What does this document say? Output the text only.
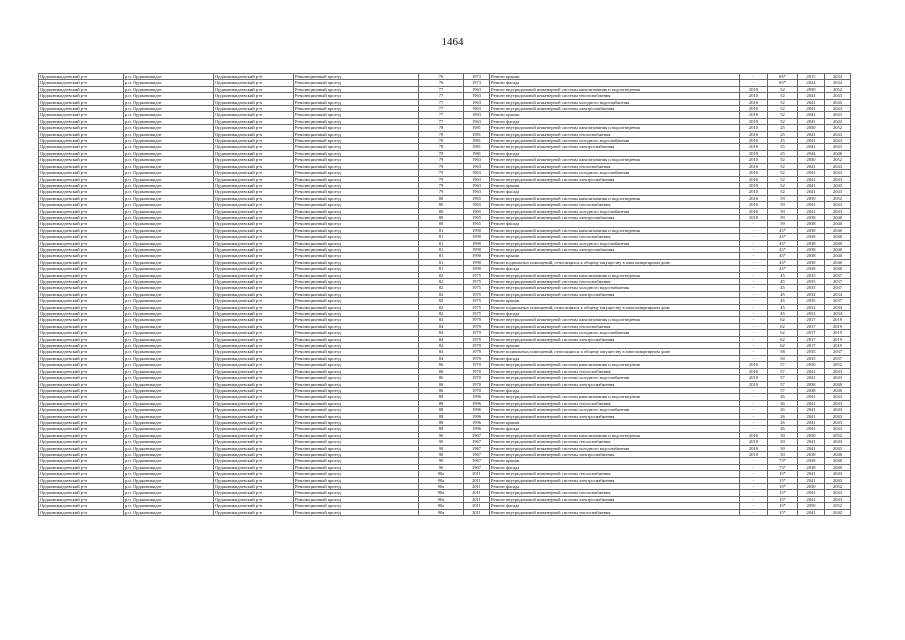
1464
Орджоникидзевский р-н	р.п. Орджоникидзе	Орджоникидзевский р-н	Революционный проезд	76	1973	Ремонт крыши	-	65*	2015	2034
Орджоникидзевский р-н	р.п. Орджоникидзе	Орджоникидзевский р-н	Революционный проезд	76	1973	Ремонт фасада	-	65*	2022	2034
Орджоникидзевский р-н	р.п. Орджоникидзе	Орджоникидзевский р-н	Революционный проезд	77	1963	Ремонт внутридомовой инженерной системы канализования и водоотведения	2010	52	2050	2052
Орджоникидзевский р-н	р.п. Орджоникидзе	Орджоникидзевский р-н	Революционный проезд	77	1963	Ремонт внутридомовой инженерной системы теплоснабжения	2010	52	2041	2043
Орджоникидзевский р-н	р.п. Орджоникидзе	Орджоникидзевский р-н	Революционный проезд	77	1963	Ремонт внутридомовой инженерной системы холодного водоснабжения	2010	52	2041	2043
Орджоникидзевский р-н	р.п. Орджоникидзе	Орджоникидзевский р-н	Революционный проезд	77	1963	Ремонт внутридомовой инженерной системы электроснабжения	2010	52	2041	2043
Орджоникидзевский р-н	р.п. Орджоникидзе	Орджоникидзевский р-н	Революционный проезд	77	1963	Ремонт крыши	2010	52	2041	2043
Орджоникидзевский р-н	р.п. Орджоникидзе	Орджоникидзевский р-н	Революционный проезд	77	1963	Ремонт фасада	2010	52	2041	2043
Орджоникидзевский р-н	р.п. Орджоникидзе	Орджоникидзевский р-н	Революционный проезд	78	1981	Ремонт внутридомовой инженерной системы канализования и водоотведения	2010	25	2050	2052
Орджоникидзевский р-н	р.п. Орджоникидзе	Орджоникидзевский р-н	Революционный проезд	78	1981	Ремонт внутридомовой инженерной системы теплоснабжения	2010	25	2041	2043
Орджоникидзевский р-н	р.п. Орджоникидзе	Орджоникидзевский р-н	Революционный проезд	78	1981	Ремонт внутридомовой инженерной системы холодного водоснабжения	2010	25	2041	2043
Орджоникидзевский р-н	р.п. Орджоникидзе	Орджоникидзевский р-н	Революционный проезд	78	1981	Ремонт внутридомовой инженерной системы электроснабжения	2010	25	2041	2043
Орджоникидзевский р-н	р.п. Орджоникидзе	Орджоникидзевский р-н	Революционный проезд	78	1981	Ремонт фасада	2010	25	2044	2046
Орджоникидзевский р-н	р.п. Орджоникидзе	Орджоникидзевский р-н	Революционный проезд	79	1963	Ремонт внутридомовой инженерной системы канализования и водоотведения	2010	52	2050	2052
Орджоникидзевский р-н	р.п. Орджоникидзе	Орджоникидзевский р-н	Революционный проезд	79	1963	Ремонт внутридомовой инженерной системы теплоснабжения	2010	52	2041	2043
Орджоникидзевский р-н	р.п. Орджоникидзе	Орджоникидзевский р-н	Революционный проезд	79	1963	Ремонт внутридомовой инженерной системы холодного водоснабжения	2010	52	2041	2043
Орджоникидзевский р-н	р.п. Орджоникидзе	Орджоникидзевский р-н	Революционный проезд	79	1963	Ремонт внутридомовой инженерной системы электроснабжения	2010	52	2041	2043
Орджоникидзевский р-н	р.п. Орджоникидзе	Орджоникидзевский р-н	Революционный проезд	79	1963	Ремонт крыши	2010	52	2041	2043
Орджоникидзевский р-н	р.п. Орджоникидзе	Орджоникидзевский р-н	Революционный проезд	79	1963	Ремонт фасада	2010	52	2041	2043
Орджоникидзевский р-н	р.п. Орджоникидзе	Орджоникидзевский р-н	Революционный проезд	80	1965	Ремонт внутридомовой инженерной системы канализования и водоотведения	2010	59	2050	2052
Орджоникидзевский р-н	р.п. Орджоникидзе	Орджоникидзевский р-н	Революционный проезд	80	1965	Ремонт внутридомовой инженерной системы теплоснабжения	2010	59	2041	2043
Орджоникидзевский р-н	р.п. Орджоникидзе	Орджоникидзевский р-н	Революционный проезд	80	1965	Ремонт внутридомовой инженерной системы холодного водоснабжения	2010	59	2041	2043
Орджоникидзевский р-н	р.п. Орджоникидзе	Орджоникидзевский р-н	Революционный проезд	80	1965	Ремонт внутридомовой инженерной системы электроснабжения	2010	59	2038	2040
Орджоникидзевский р-н	р.п. Орджоникидзе	Орджоникидзевский р-н	Революционный проезд	80	1965	Ремонт фасада	-	59	2038	2040
Орджоникидзевский р-н	р.п. Орджоникидзе	Орджоникидзевский р-н	Революционный проезд	81	1990	Ремонт внутридомовой инженерной системы канализования и водоотведения	-	43*	2038	2040
Орджоникидзевский р-н	р.п. Орджоникидзе	Орджоникидзевский р-н	Революционный проезд	81	1990	Ремонт внутридомовой инженерной системы теплоснабжения	-	43*	2038	2040
Орджоникидзевский р-н	р.п. Орджоникидзе	Орджоникидзевский р-н	Революционный проезд	81	1990	Ремонт внутридомовой инженерной системы холодного водоснабжения	-	43*	2038	2040
Орджоникидзевский р-н	р.п. Орджоникидзе	Орджоникидзевский р-н	Революционный проезд	81	1990	Ремонт внутридомовой инженерной системы электроснабжения	-	43*	2038	2040
Орджоникидзевский р-н	р.п. Орджоникидзе	Орджоникидзевский р-н	Революционный проезд	81	1990	Ремонт крыши	-	43*	2038	2040
Орджоникидзевский р-н	р.п. Орджоникидзе	Орджоникидзевский р-н	Революционный проезд	81	1990	Ремонт подвальных помещений, относящихся к общему имуществу в многоквартирном доме	-	43*	2038	2040
Орджоникидзевский р-н	р.п. Орджоникидзе	Орджоникидзевский р-н	Революционный проезд	81	1990	Ремонт фасада	-	43*	2038	2040
Орджоникидзевский р-н	р.п. Орджоникидзе	Орджоникидзевский р-н	Революционный проезд	82	1975	Ремонт внутридомовой инженерной системы канализования и водоотведения	-	45	2035	2037
Орджоникидзевский р-н	р.п. Орджоникидзе	Орджоникидзевский р-н	Революционный проезд	82	1975	Ремонт внутридомовой инженерной системы теплоснабжения	-	45	2035	2037
Орджоникидзевский р-н	р.п. Орджоникидзе	Орджоникидзевский р-н	Революционный проезд	82	1975	Ремонт внутридомовой инженерной системы холодного водоснабжения	-	45	2035	2037
Орджоникидзевский р-н	р.п. Орджоникидзе	Орджоникидзевский р-н	Революционный проезд	82	1975	Ремонт внутридомовой инженерной системы электроснабжения	-	45	2032	2034
Орджоникидзевский р-н	р.п. Орджоникидзе	Орджоникидзевский р-н	Революционный проезд	82	1975	Ремонт крыши	-	45	2035	2037
Орджоникидзевский р-н	р.п. Орджоникидзе	Орджоникидзевский р-н	Революционный проезд	82	1975	Ремонт подвальных помещений, относящихся к общему имуществу в многоквартирном доме	-	45	2032	2034
Орджоникидзевский р-н	р.п. Орджоникидзе	Орджоникидзевский р-н	Революционный проезд	82	1975	Ремонт фасада	-	45	2032	2034
Орджоникидзевский р-н	р.п. Орджоникидзе	Орджоникидзевский р-н	Революционный проезд	84	1979	Ремонт внутридомовой инженерной системы канализования и водоотведения	-	62	2017	2019
Орджоникидзевский р-н	р.п. Орджоникидзе	Орджоникидзевский р-н	Революционный проезд	84	1979	Ремонт внутридомовой инженерной системы теплоснабжения	-	62	2017	2019
Орджоникидзевский р-н	р.п. Орджоникидзе	Орджоникидзевский р-н	Революционный проезд	84	1979	Ремонт внутридомовой инженерной системы холодного водоснабжения	-	62	2017	2019
Орджоникидзевский р-н	р.п. Орджоникидзе	Орджоникидзевский р-н	Революционный проезд	84	1979	Ремонт внутридомовой инженерной системы электроснабжения	-	62	2017	2019
Орджоникидзевский р-н	р.п. Орджоникидзе	Орджоникидзевский р-н	Революционный проезд	84	1979	Ремонт крыши	-	62	2017	2019
Орджоникидзевский р-н	р.п. Орджоникидзе	Орджоникидзевский р-н	Революционный проезд	84	1979	Ремонт подвальных помещений, относящихся к общему имуществу в многоквартирном доме	-	58	2035	2037
Орджоникидзевский р-н	р.п. Орджоникидзе	Орджоникидзевский р-н	Революционный проезд	84	1979	Ремонт фасада	-	58	2035	2037
Орджоникидзевский р-н	р.п. Орджоникидзе	Орджоникидзевский р-н	Революционный проезд	86	1970	Ремонт внутридомовой инженерной системы канализования и водоотведения	2010	57	2050	2052
Орджоникидзевский р-н	р.п. Орджоникидзе	Орджоникидзевский р-н	Революционный проезд	86	1970	Ремонт внутридомовой инженерной системы теплоснабжения	2010	57	2041	2043
Орджоникидзевский р-н	р.п. Орджоникидзе	Орджоникидзевский р-н	Революционный проезд	86	1970	Ремонт внутридомовой инженерной системы холодного водоснабжения	2010	57	2041	2043
Орджоникидзевский р-н	р.п. Орджоникидзе	Орджоникидзевский р-н	Революционный проезд	86	1970	Ремонт внутридомовой инженерной системы электроснабжения	2010	57	2038	2040
Орджоникидзевский р-н	р.п. Орджоникидзе	Орджоникидзевский р-н	Революционный проезд	86	1970	Ремонт фасада	-	57	2038	2040
Орджоникидзевский р-н	р.п. Орджоникидзе	Орджоникидзевский р-н	Революционный проезд	88	1996	Ремонт внутридомовой инженерной системы канализования и водоотведения	-	26	2041	2043
Орджоникидзевский р-н	р.п. Орджоникидзе	Орджоникидзевский р-н	Революционный проезд	88	1996	Ремонт внутридомовой инженерной системы теплоснабжения	-	26	2041	2043
Орджоникидзевский р-н	р.п. Орджоникидзе	Орджоникидзевский р-н	Революционный проезд	88	1996	Ремонт внутридомовой инженерной системы холодного водоснабжения	-	26	2041	2043
Орджоникидзевский р-н	р.п. Орджоникидзе	Орджоникидзевский р-н	Революционный проезд	88	1996	Ремонт внутридомовой инженерной системы электроснабжения	-	26	2041	2043
Орджоникидзевский р-н	р.п. Орджоникидзе	Орджоникидзевский р-н	Революционный проезд	88	1996	Ремонт крыши	-	26	2041	2043
Орджоникидзевский р-н	р.п. Орджоникидзе	Орджоникидзевский р-н	Революционный проезд	88	1996	Ремонт фасада	-	26	2041	2043
Орджоникидзевский р-н	р.п. Орджоникидзе	Орджоникидзевский р-н	Революционный проезд	90	1967	Ремонт внутридомовой инженерной системы канализования и водоотведения	2010	50	2050	2052
Орджоникидзевский р-н	р.п. Орджоникидзе	Орджоникидзевский р-н	Революционный проезд	90	1967	Ремонт внутридомовой инженерной системы теплоснабжения	2010	50	2041	2043
Орджоникидзевский р-н	р.п. Орджоникидзе	Орджоникидзевский р-н	Революционный проезд	90	1967	Ремонт внутридомовой инженерной системы холодного водоснабжения	2010	50	2041	2043
Орджоникидзевский р-н	р.п. Орджоникидзе	Орджоникидзевский р-н	Революционный проезд	90	1967	Ремонт внутридомовой инженерной системы электроснабжения	2010	50	2038	2040
Орджоникидзевский р-н	р.п. Орджоникидзе	Орджоникидзевский р-н	Революционный проезд	90	1967	Ремонт крыши	-	73*	2038	2040
Орджоникидзевский р-н	р.п. Орджоникидзе	Орджоникидзевский р-н	Революционный проезд	90	1967	Ремонт фасада	-	73*	2038	2040
Орджоникидзевский р-н	р.п. Орджоникидзе	Орджоникидзевский р-н	Революционный проезд	90а	2011	Ремонт внутридомовой инженерной системы теплоснабжения	-	15*	2041	2043
Орджоникидзевский р-н	р.п. Орджоникидзе	Орджоникидзевский р-н	Революционный проезд	90а	2011	Ремонт внутридомовой инженерной системы электроснабжения	-	15*	2041	2043
Орджоникидзевский р-н	р.п. Орджоникидзе	Орджоникидзевский р-н	Революционный проезд	90а	2011	Ремонт фасада	-	15*	2050	2052
Орджоникидзевский р-н	р.п. Орджоникидзе	Орджоникидзевский р-н	Революционный проезд	90а	2011	Ремонт внутридомовой инженерной системы теплоснабжения	-	15*	2041	2043
Орджоникидзевский р-н	р.п. Орджоникидзе	Орджоникидзевский р-н	Революционный проезд	90а	2011	Ремонт внутридомовой инженерной системы электроснабжения	-	15*	2041	2043
Орджоникидзевский р-н	р.п. Орджоникидзе	Орджоникидзевский р-н	Революционный проезд	90а	2011	Ремонт фасада	-	15*	2050	2052
Орджоникидзевский р-н	р.п. Орджоникидзе	Орджоникидзевский р-н	Революционный проезд	90а	2011	Ремонт внутридомовой инженерной системы теплоснабжения	-	15*	2041	2042
